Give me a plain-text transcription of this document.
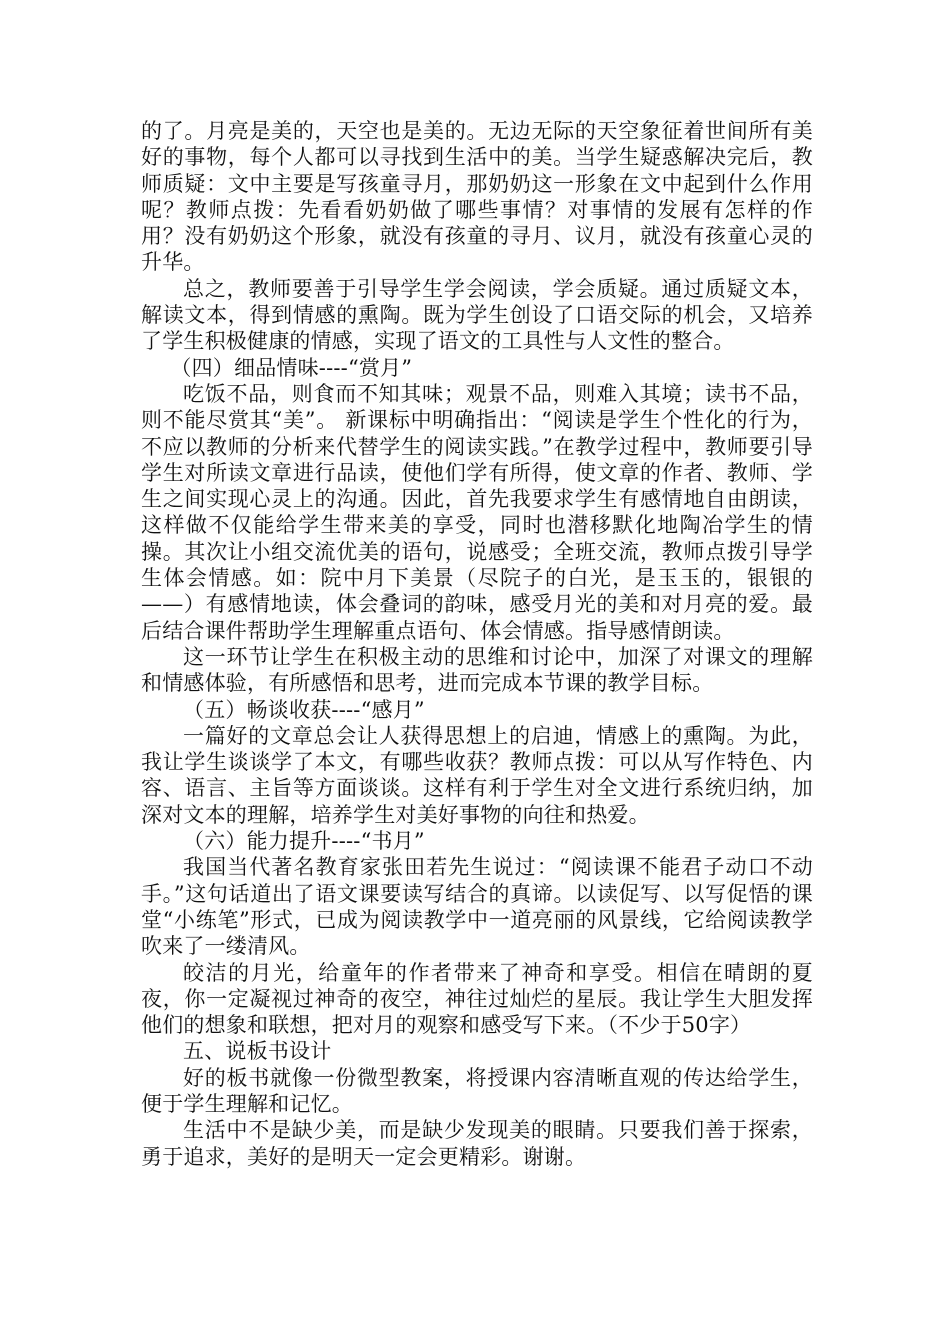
的了。月亮是美的，天空也是美的。无边无际的天空象征着世间所有美好的事物，每个人都可以寻找到生活中的美。当学生疑惑解决完后，教师质疑：文中主要是写孩童寻月，那奶奶这一形象在文中起到什么作用呢？教师点拨：先看看奶奶做了哪些事情？对事情的发展有怎样的作用？没有奶奶这个形象，就没有孩童的寻月、议月，就没有孩童心灵的升华。

总之，教师要善于引导学生学会阅读，学会质疑。通过质疑文本，解读文本，得到情感的熏陶。既为学生创设了口语交际的机会，又培养了学生积极健康的情感，实现了语文的工具性与人文性的整合。

（四）细品情味----“赏月”

吃饭不品，则食而不知其味；观景不品，则难入其境；读书不品，则不能尽赏其“美”。 新课标中明确指出：“阅读是学生个性化的行为，不应以教师的分析来代替学生的阅读实践。”在教学过程中，教师要引导学生对所读文章进行品读，使他们学有所得，使文章的作者、教师、学生之间实现心灵上的沟通。因此，首先我要求学生有感情地自由朗读，这样做不仅能给学生带来美的享受，同时也潜移默化地陶冶学生的情操。其次让小组交流优美的语句，说感受；全班交流，教师点拨引导学生体会情感。如：院中月下美景（尽院子的白光，是玉玉的，银银的——）有感情地读，体会叠词的韵味，感受月光的美和对月亮的爱。最后结合课件帮助学生理解重点语句、体会情感。指导感情朗读。

这一环节让学生在积极主动的思维和讨论中，加深了对课文的理解和情感体验，有所感悟和思考，进而完成本节课的教学目标。

（五）畅谈收获----“感月”

一篇好的文章总会让人获得思想上的启迪，情感上的熏陶。为此，我让学生谈谈学了本文，有哪些收获？教师点拨：可以从写作特色、内容、语言、主旨等方面谈谈。这样有利于学生对全文进行系统归纳，加深对文本的理解，培养学生对美好事物的向往和热爱。

（六）能力提升----“书月”

我国当代著名教育家张田若先生说过：“阅读课不能君子动口不动手。”这句话道出了语文课要读写结合的真谛。以读促写、以写促悟的课堂“小练笔”形式，已成为阅读教学中一道亮丽的风景线，它给阅读教学吹来了一缕清风。

皎洁的月光，给童年的作者带来了神奇和享受。相信在晴朗的夏夜，你一定凝视过神奇的夜空，神往过灿烂的星辰。我让学生大胆发挥他们的想象和联想，把对月的观察和感受写下来。（不少于50字）

五、说板书设计

好的板书就像一份微型教案，将授课内容清晰直观的传达给学生，便于学生理解和记忆。

生活中不是缺少美，而是缺少发现美的眼睛。只要我们善于探索，勇于追求，美好的是明天一定会更精彩。谢谢。
